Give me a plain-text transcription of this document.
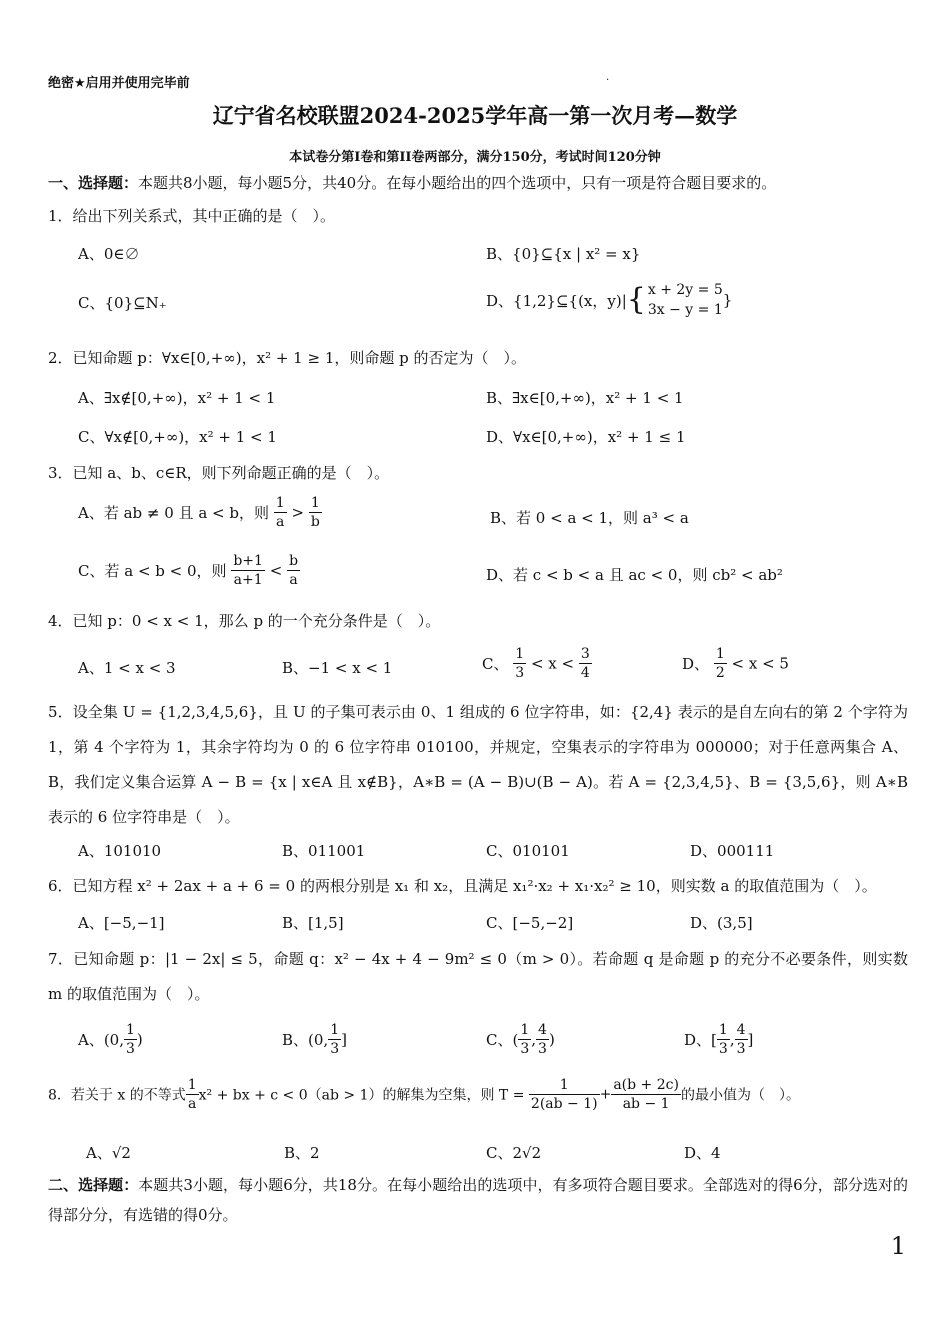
绝密★启用并使用完毕前	.
辽宁省名校联盟2024-2025学年高一第一次月考—数学
本试卷分第I卷和第II卷两部分，满分150分，考试时间120分钟
一、选择题：本题共8小题，每小题5分，共40分。在每小题给出的四个选项中，只有一项是符合题目要求的。
1．给出下列关系式，其中正确的是（　）。
A、0∈∅	B、{0}⊆{x | x² = x}
C、{0}⊆N₊	D、{1,2}⊆{(x，y)|{ x + 2y = 5
3x − y = 1
}
2．已知命题 p：∀x∈[0,+∞)，x² + 1 ≥ 1，则命题 p 的否定为（　）。
A、∃x∉[0,+∞)，x² + 1 < 1	B、∃x∈[0,+∞)，x² + 1 < 1
C、∀x∉[0,+∞)，x² + 1 < 1	D、∀x∈[0,+∞)，x² + 1 ≤ 1
3．已知 a、b、c∈R，则下列命题正确的是（　）。
A、若 ab ≠ 0 且 a < b，则 $\frac{1}{a} > \frac{1}{b}$	B、若 0 < a < 1，则 a³ < a
C、若 a < b < 0，则 $\frac{b+1}{a+1} < \frac{b}{a}$	D、若 c < b < a 且 ac < 0，则 cb² < ab²
4．已知 p：0 < x < 1，那么 p 的一个充分条件是（　）。
A、1 < x < 3	B、−1 < x < 1	C、 $\frac{1}{3} < x < \frac{3}{4}$	D、 $\frac{1}{2} < x < 5$
5．设全集 U = {1,2,3,4,5,6}，且 U 的子集可表示由 0、1 组成的 6 位字符串，如：{2,4} 表示的是自左向右的第 2 个字符为 1，第 4 个字符为 1，其余字符均为 0 的 6 位字符串 010100，并规定，空集表示的字符串为 000000；对于任意两集合 A、B，我们定义集合运算 A − B = {x | x∈A 且 x∉B}，A∗B = (A − B)∪(B − A)。若 A = {2,3,4,5}、B = {3,5,6}，则 A∗B 表示的 6 位字符串是（　）。
A、101010	B、011001	C、010101	D、000111
6．已知方程 x² + 2ax + a + 6 = 0 的两根分别是 x₁ 和 x₂，且满足 x₁²·x₂ + x₁·x₂² ≥ 10，则实数 a 的取值范围为（　）。
A、[−5,−1]	B、[1,5]	C、[−5,−2]	D、(3,5]
7．已知命题 p：|1 − 2x| ≤ 5，命题 q：x² − 4x + 4 − 9m² ≤ 0（m > 0）。若命题 q 是命题 p 的充分不必要条件，则实数 m 的取值范围为（　）。
A、(0, $\frac{1}{3}$ )	B、(0, $\frac{1}{3}$ ]	C、( $\frac{1}{3}$ , $\frac{4}{3}$ )	D、[ $\frac{1}{3}$ , $\frac{4}{3}$ ]
8．若关于 x 的不等式 $\frac{1}{a} x^2$ + bx + c < 0（ab > 1）的解集为空集，则 $T = \frac{1}{2(ab - 1)} + \frac{a(b + 2c)}{ab - 1}$ 的最小值为（　）。
A、√2	B、2	C、2√2	D、4
二、选择题：本题共3小题，每小题6分，共18分。在每小题给出的选项中，有多项符合题目要求。全部选对的得6分，部分选对的得部分分，有选错的得0分。
1
